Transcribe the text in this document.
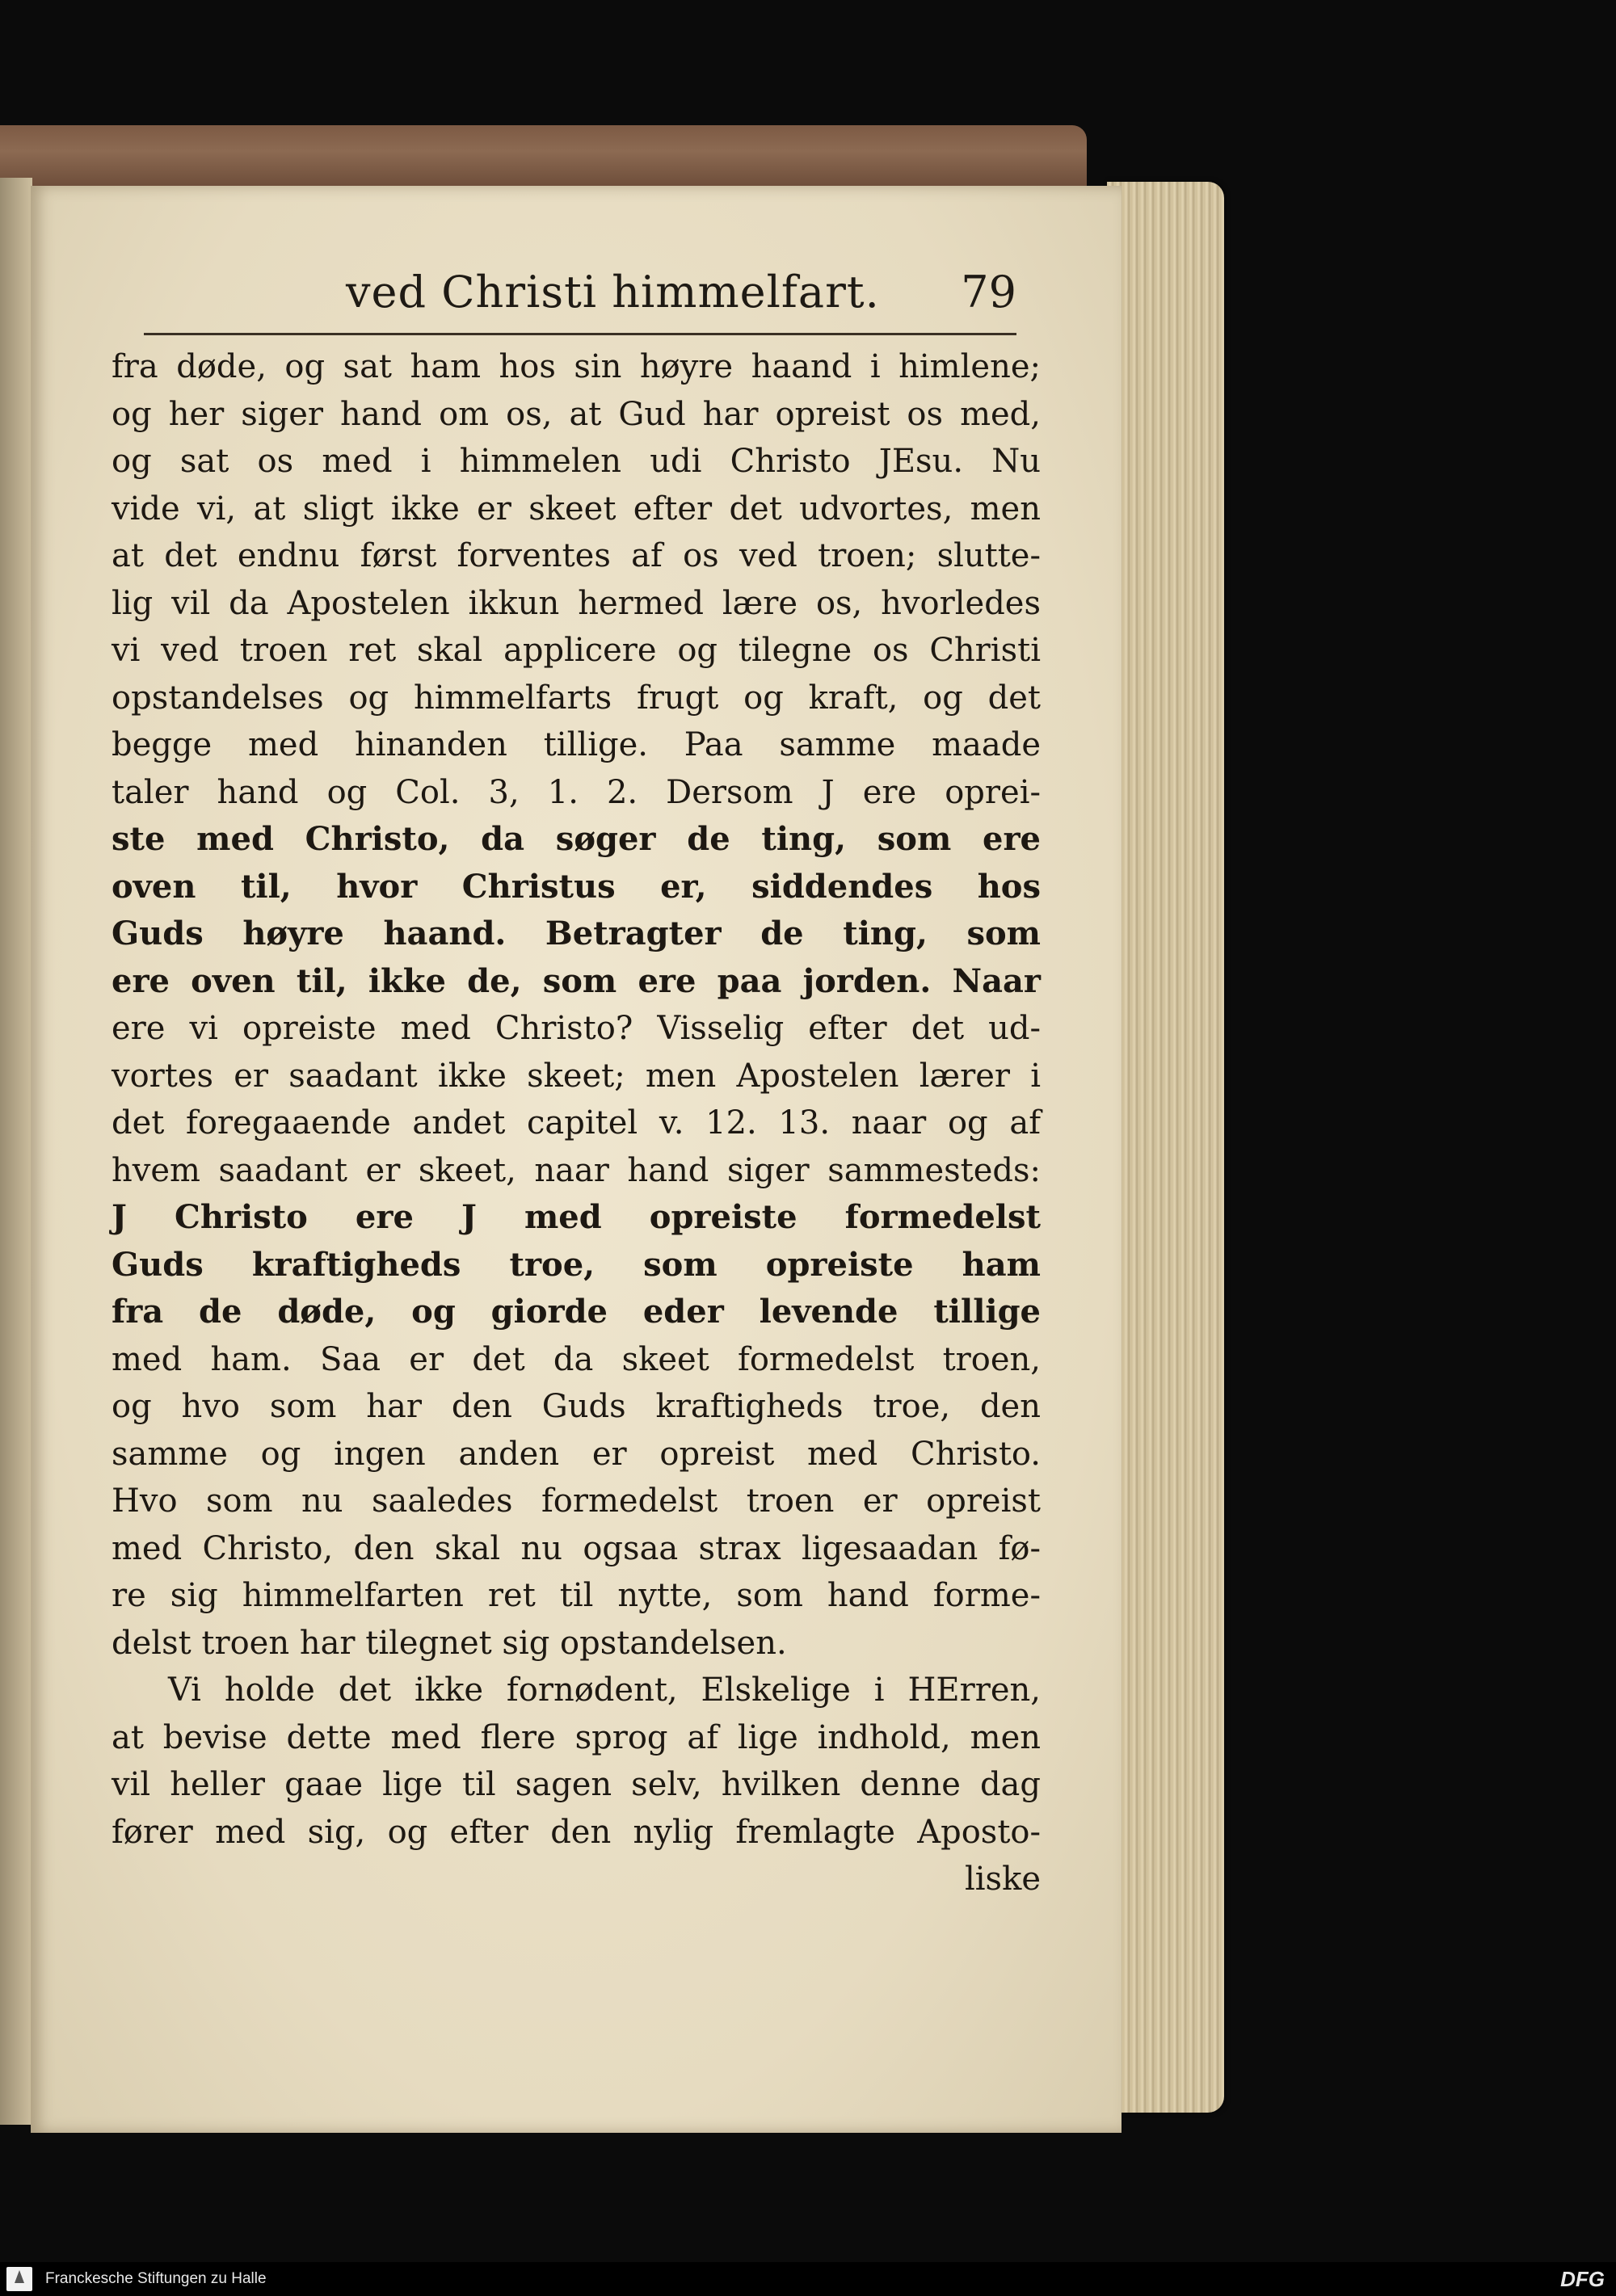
ved Christi himmelfart. 79
fra døde, og sat ham hos sin høyre haand i himlene;
og her siger hand om os, at Gud har opreist os med,
og sat os med i himmelen udi Christo JEsu. Nu
vide vi, at sligt ikke er skeet efter det udvortes, men
at det endnu først forventes af os ved troen; slutte-
lig vil da Apostelen ikkun hermed lære os, hvorledes
vi ved troen ret skal applicere og tilegne os Christi
opstandelses og himmelfarts frugt og kraft, og det
begge med hinanden tillige. Paa samme maade
taler hand og Col. 3, 1. 2. Dersom J ere oprei-
ste med Christo, da søger de ting, som ere
oven til, hvor Christus er, siddendes hos
Guds høyre haand. Betragter de ting, som
ere oven til, ikke de, som ere paa jorden. Naar
ere vi opreiste med Christo? Visselig efter det ud-
vortes er saadant ikke skeet; men Apostelen lærer i
det foregaaende andet capitel v. 12. 13. naar og af
hvem saadant er skeet, naar hand siger sammesteds:
J Christo ere J med opreiste formedelst
Guds kraftigheds troe, som opreiste ham
fra de døde, og giorde eder levende tillige
med ham. Saa er det da skeet formedelst troen,
og hvo som har den Guds kraftigheds troe, den
samme og ingen anden er opreist med Christo.
Hvo som nu saaledes formedelst troen er opreist
med Christo, den skal nu ogsaa strax ligesaadan fø-
re sig himmelfarten ret til nytte, som hand forme-
delst troen har tilegnet sig opstandelsen.
Vi holde det ikke fornødent, Elskelige i HErren,
at bevise dette med flere sprog af lige indhold, men
vil heller gaae lige til sagen selv, hvilken denne dag
fører med sig, og efter den nylig fremlagte Aposto-
liske
Franckesche Stiftungen zu Halle	DFG
